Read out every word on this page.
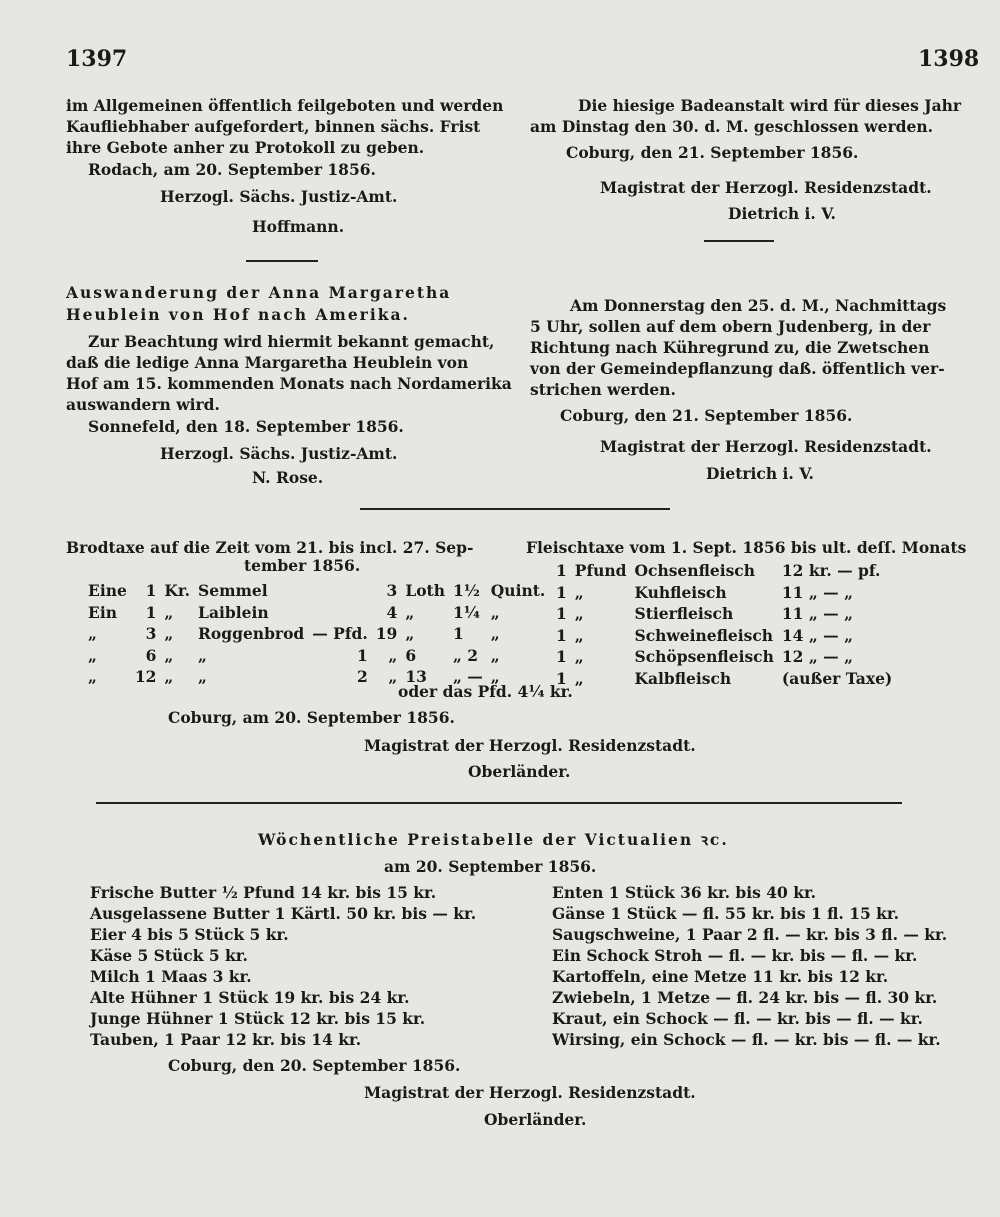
1397	1398
im Allgemeinen öffentlich feilgeboten und werden
Kaufliebhaber aufgefordert, binnen sächs. Frist
ihre Gebote anher zu Protokoll zu geben.
Rodach, am 20. September 1856.
Herzogl. Sächs. Justiz-Amt.
Hoffmann.
Auswanderung der Anna Margaretha
Heublein von Hof nach Amerika.
Zur Beachtung wird hiermit bekannt gemacht,
daß die ledige Anna Margaretha Heublein von
Hof am 15. kommenden Monats nach Nordamerika
auswandern wird.
Sonnefeld, den 18. September 1856.
Herzogl. Sächs. Justiz-Amt.
N. Rose.
Die hiesige Badeanstalt wird für dieses Jahr
am Dinstag den 30. d. M. geschlossen werden.
Coburg, den 21. September 1856.
Magistrat der Herzogl. Residenzstadt.
Dietrich i. V.
Am Donnerstag den 25. d. M., Nachmittags
5 Uhr, sollen auf dem obern Judenberg, in der
Richtung nach Kühregrund zu, die Zwetschen
von der Gemeindepflanzung daß. öffentlich ver-
strichen werden.
Coburg, den 21. September 1856.
Magistrat der Herzogl. Residenzstadt.
Dietrich i. V.
Brodtaxe auf die Zeit vom 21. bis incl. 27. Sep-
tember 1856.
Eine	1	Kr.	Semmel		3	Loth	1½	Quint.
Ein	1	„	Laiblein		4	„	1¼	„
„	3	„	Roggenbrod	— Pfd.	19	„	1	„
„	6	„	„	1	„	6	„ 2	„
„	12	„	„	2	„	13	„ —	„
Fleischtaxe vom 1. Sept. 1856 bis ult. deſſ. Monats
1	Pfund	Ochsenfleisch	12 kr. — pf.
1	„	Kuhfleisch	11 „ — „
1	„	Stierfleisch	11 „ — „
1	„	Schweinefleisch	14 „ — „
1	„	Schöpsenfleisch	12 „ — „
1	„	Kalbfleisch	(außer Taxe)
oder das Pfd. 4¼ kr.
Coburg, am 20. September 1856.
Magistrat der Herzogl. Residenzstadt.
Oberländer.
Wöchentliche Preistabelle der Victualien ꝛc.
am 20. September 1856.
Frische Butter ½ Pfund 14 kr. bis 15 kr.
Ausgelassene Butter 1 Kärtl. 50 kr. bis — kr.
Eier 4 bis 5 Stück 5 kr.
Käse 5 Stück 5 kr.
Milch 1 Maas 3 kr.
Alte Hühner 1 Stück 19 kr. bis 24 kr.
Junge Hühner 1 Stück 12 kr. bis 15 kr.
Tauben, 1 Paar 12 kr. bis 14 kr.
Enten 1 Stück 36 kr. bis 40 kr.
Gänse 1 Stück — fl. 55 kr. bis 1 fl. 15 kr.
Saugschweine, 1 Paar 2 fl. — kr. bis 3 fl. — kr.
Ein Schock Stroh — fl. — kr. bis — fl. — kr.
Kartoffeln, eine Metze 11 kr. bis 12 kr.
Zwiebeln, 1 Metze — fl. 24 kr. bis — fl. 30 kr.
Kraut, ein Schock — fl. — kr. bis — fl. — kr.
Wirsing, ein Schock — fl. — kr. bis — fl. — kr.
Coburg, den 20. September 1856.
Magistrat der Herzogl. Residenzstadt.
Oberländer.
